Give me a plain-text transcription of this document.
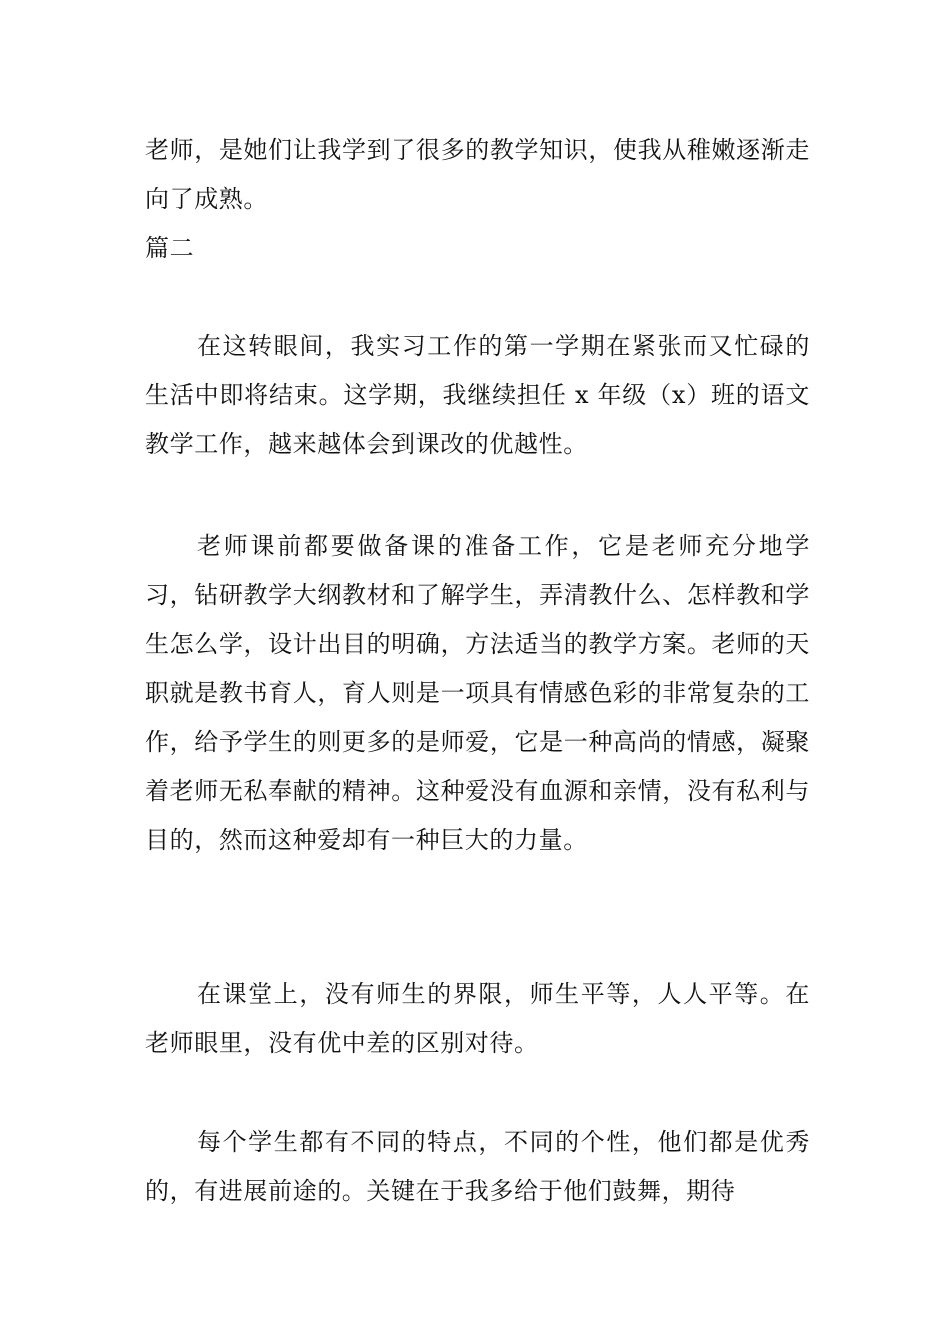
老师，是她们让我学到了很多的教学知识，使我从稚嫩逐渐走向了成熟。

篇二

在这转眼间，我实习工作的第一学期在紧张而又忙碌的生活中即将结束。这学期，我继续担任 x 年级（x）班的语文教学工作，越来越体会到课改的优越性。

老师课前都要做备课的准备工作，它是老师充分地学习，钻研教学大纲教材和了解学生，弄清教什么、怎样教和学生怎么学，设计出目的明确，方法适当的教学方案。老师的天职就是教书育人，育人则是一项具有情感色彩的非常复杂的工作，给予学生的则更多的是师爱，它是一种高尚的情感，凝聚着老师无私奉献的精神。这种爱没有血源和亲情，没有私利与目的，然而这种爱却有一种巨大的力量。

在课堂上，没有师生的界限，师生平等，人人平等。在老师眼里，没有优中差的区别对待。

每个学生都有不同的特点，不同的个性，他们都是优秀的，有进展前途的。关键在于我多给于他们鼓舞，期待
